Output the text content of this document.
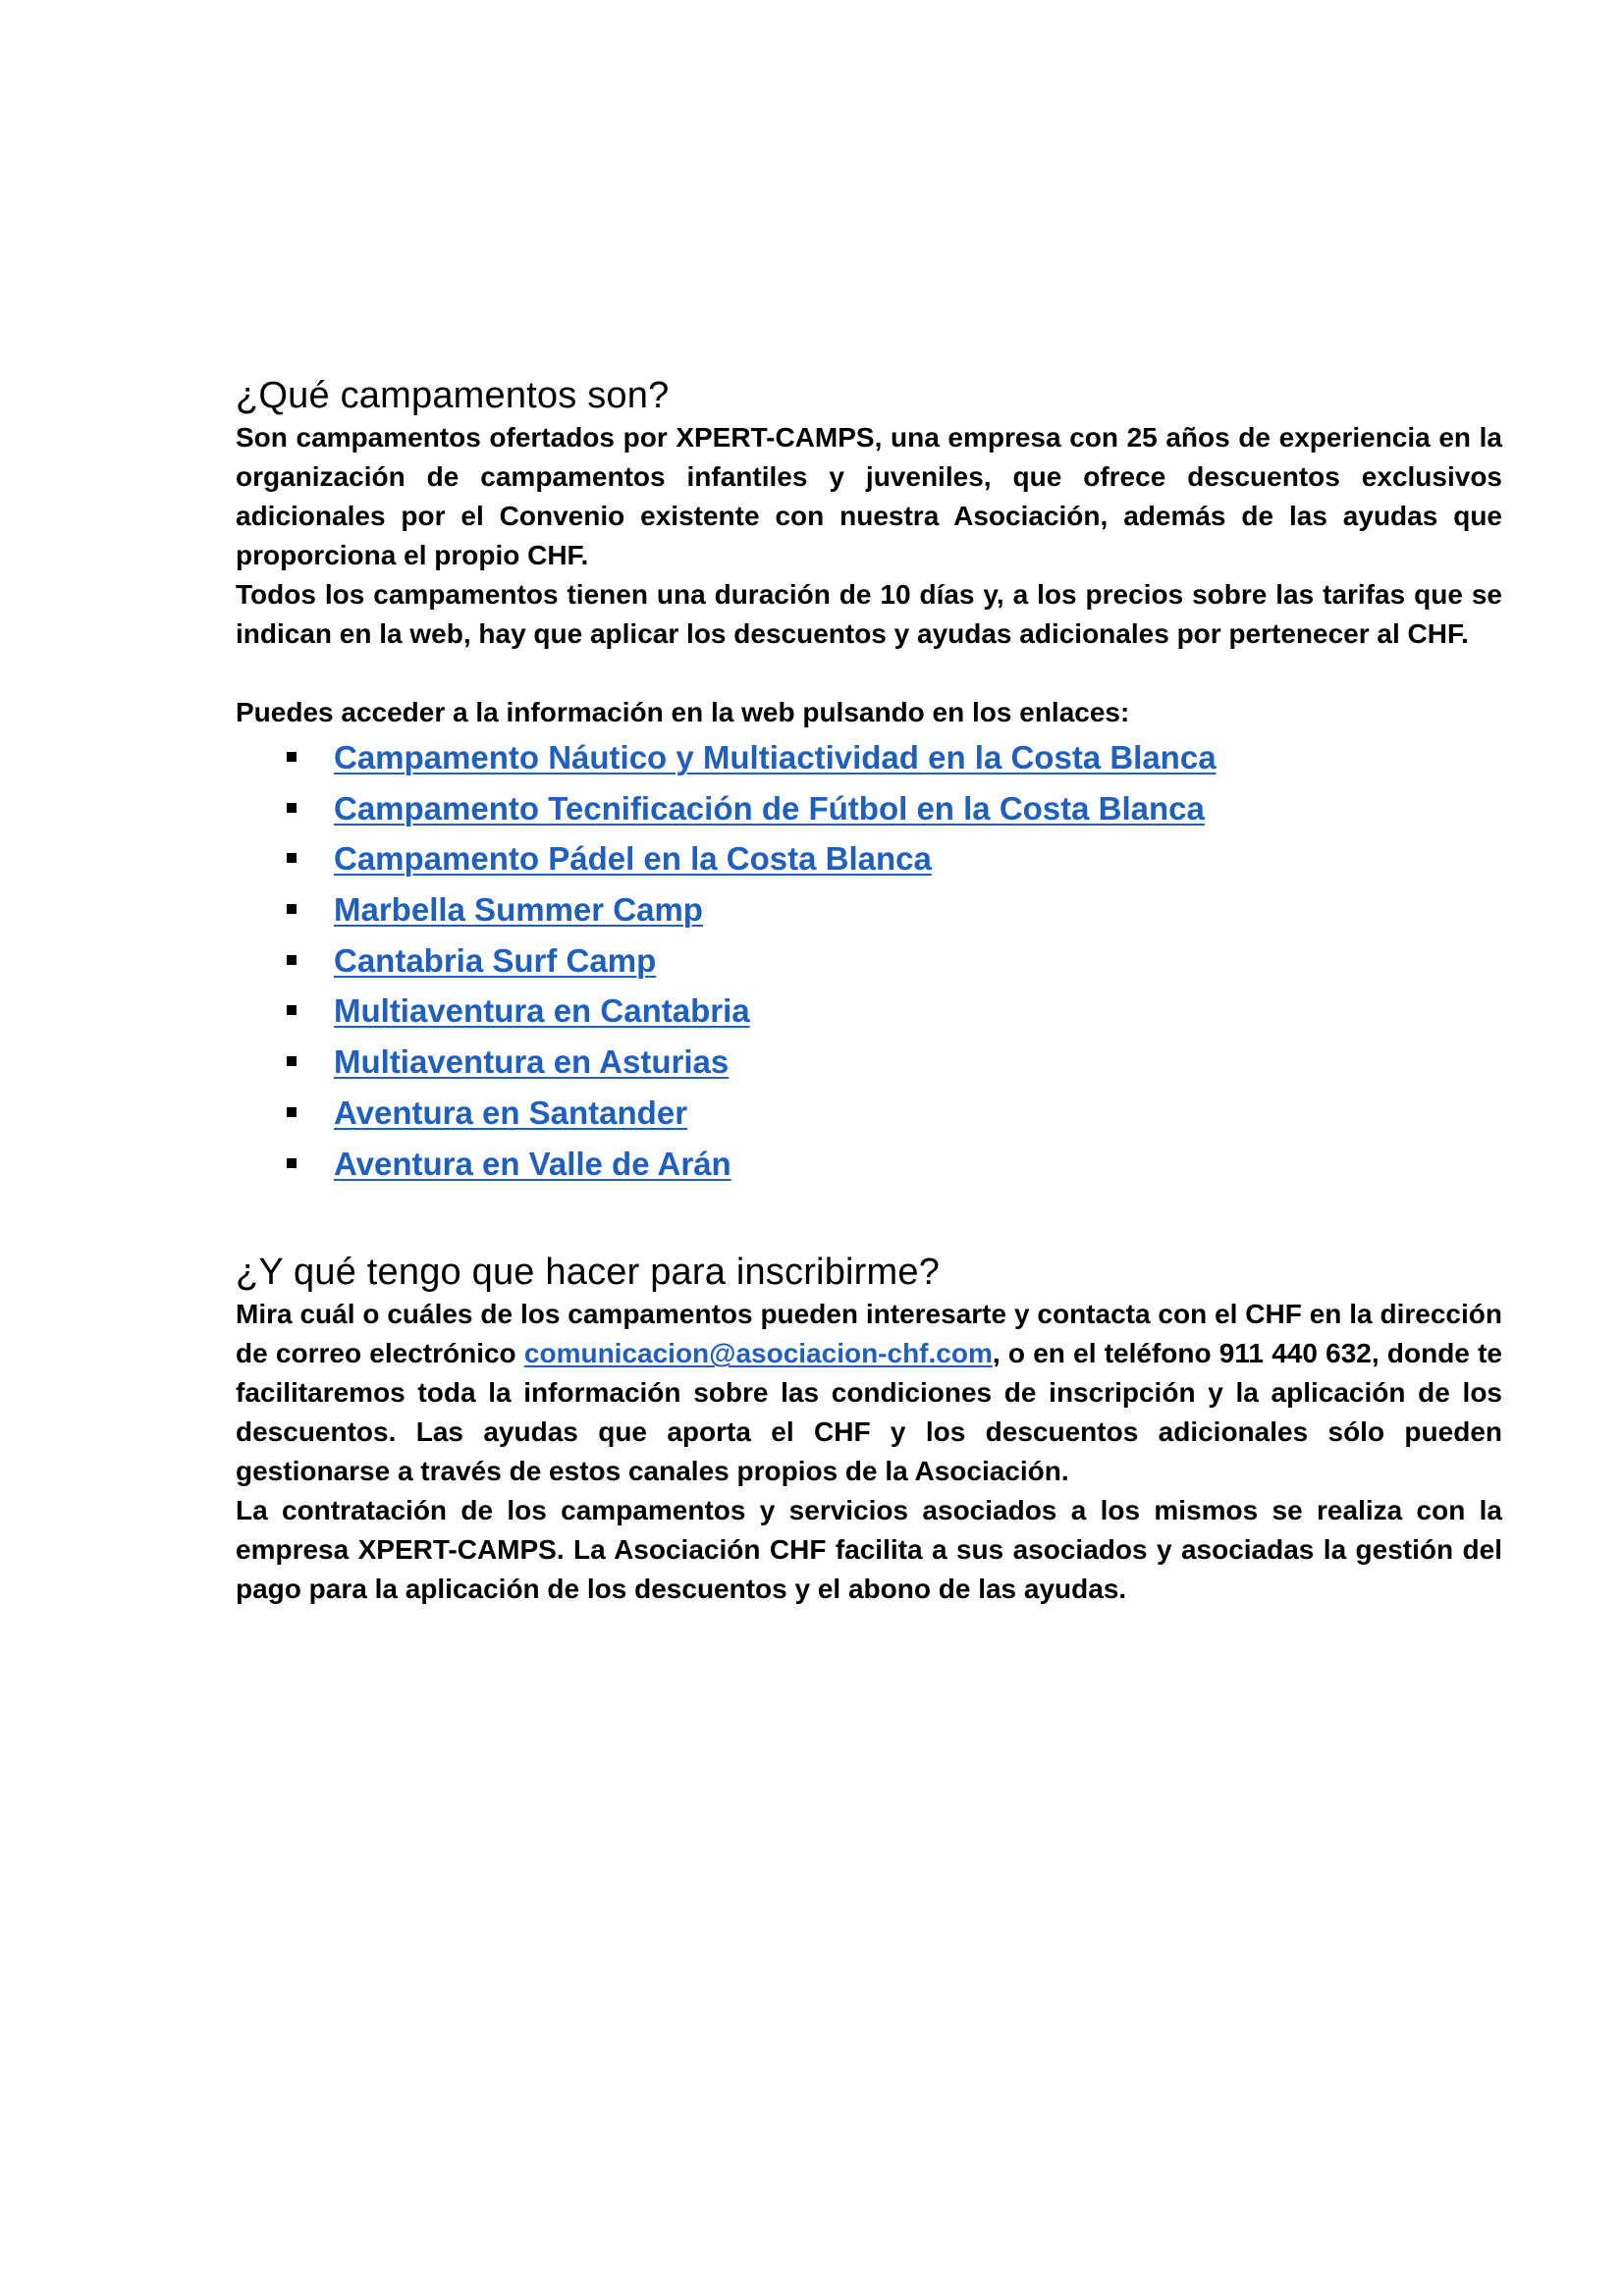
¿Qué campamentos son?

Son campamentos ofertados por XPERT-CAMPS, una empresa con 25 años de experiencia en la organización de campamentos infantiles y juveniles, que ofrece descuentos exclusivos adicionales por el Convenio existente con nuestra Asociación, además de las ayudas que proporciona el propio CHF.

Todos los campamentos tienen una duración de 10 días y, a los precios sobre las tarifas que se indican en la web, hay que aplicar los descuentos y ayudas adicionales por pertenecer al CHF.

Puedes acceder a la información en la web pulsando en los enlaces:

Campamento Náutico y Multiactividad en la Costa Blanca
Campamento Tecnificación de Fútbol en la Costa Blanca
Campamento Pádel en la Costa Blanca
Marbella Summer Camp
Cantabria Surf Camp
Multiaventura en Cantabria
Multiaventura en Asturias
Aventura en Santander
Aventura en Valle de Arán
¿Y qué tengo que hacer para inscribirme?

Mira cuál o cuáles de los campamentos pueden interesarte y contacta con el CHF en la dirección de correo electrónico comunicacion@asociacion-chf.com, o en el teléfono 911 440 632, donde te facilitaremos toda la información sobre las condiciones de inscripción y la aplicación de los descuentos. Las ayudas que aporta el CHF y los descuentos adicionales sólo pueden gestionarse a través de estos canales propios de la Asociación.

La contratación de los campamentos y servicios asociados a los mismos se realiza con la empresa XPERT-CAMPS. La Asociación CHF facilita a sus asociados y asociadas la gestión del pago para la aplicación de los descuentos y el abono de las ayudas.
